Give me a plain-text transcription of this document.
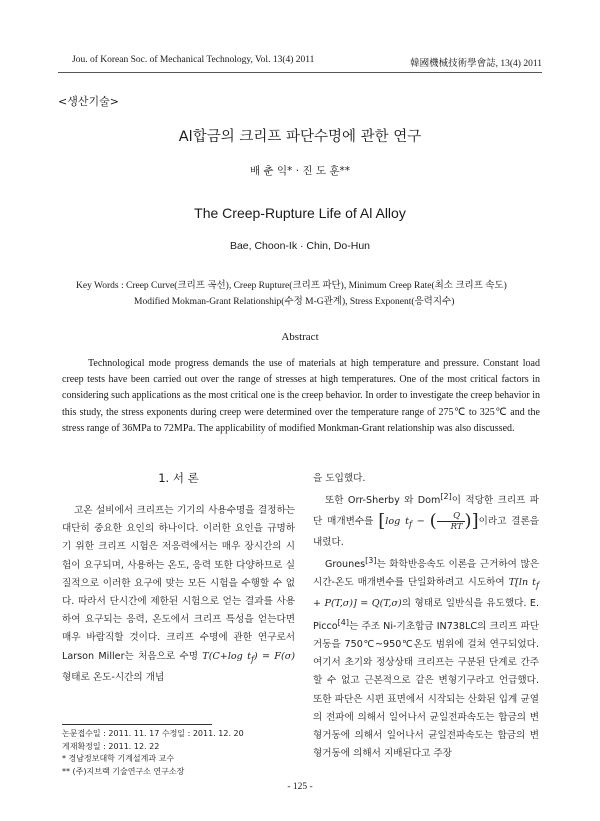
Jou. of Korean Soc. of Mechanical Technology, Vol. 13(4) 2011	韓國機械技術學會誌, 13(4) 2011
<생산기술>
Al합금의 크리프 파단수명에 관한 연구
배 춘 익* · 진 도 훈**
The Creep-Rupture Life of Al Alloy
Bae, Choon-Ik · Chin, Do-Hun
Key Words : Creep Curve(크리프 곡선), Creep Rupture(크리프 파단), Minimum Creep Rate(최소 크리프 속도)
Modified Mokman-Grant Relationship(수정 M-G관계), Stress Exponent(응력지수)
Abstract

Technological mode progress demands the use of materials at high temperature and pressure. Constant load creep tests have been carried out over the range of stresses at high temperatures. One of the most critical factors in considering such applications as the most critical one is the creep behavior. In order to investigate the creep behavior in this study, the stress exponents during creep were determined over the temperature range of 275℃ to 325℃ and the stress range of 36MPa to 72MPa. The applicability of modified Monkman-Grant relationship was also discussed.

1. 서 론

고온 설비에서 크리프는 기기의 사용수명을 결정하는 대단히 중요한 요인의 하나이다. 이러한 요인을 규명하기 위한 크리프 시험은 저응력에서는 매우 장시간의 시험이 요구되며, 사용하는 온도, 응력 또한 다양하므로 실질적으로 이러한 요구에 맞는 모든 시험을 수행할 수 없다. 따라서 단시간에 제한된 시험으로 얻는 결과를 사용하여 요구되는 응력, 온도에서 크리프 특성을 얻는다면 매우 바람직할 것이다. 크리프 수명에 관한 연구로서 Larson Miller는 처음으로 수명 T(C+log $t_f) = F(\sigma)$형태로 온도-시간의 개념

을 도입했다.

또한 Orr-Sherby 와 Dom[2]이 적당한 크리프 파단 매개변수를 [log $t_f$ − ( $\frac{Q}{RT}$ )]이라고 결론을 내렸다.

Grounes[3]는 화학반응속도 이론을 근거하여 많은 시간-온도 매개변수를 단일화하려고 시도하여 T[ln $t_f + P(T,\sigma)] = Q(T,\sigma)$의 형태로 일반식을 유도했다. E. Picco[4]는 주조 Ni-기초합금 IN738LC의 크리프 파단 거동을 750℃~950℃온도 범위에 걸쳐 연구되었다. 여기서 초기와 정상상태 크리프는 구분된 단계로 간주할 수 없고 근본적으로 같은 변형기구라고 언급했다. 또한 파단은 시편 표면에서 시작되는 산화된 입계 균열의 전파에 의해서 일어나서 균일전파속도는 합금의 변형거동에 의해서 일어나서 균일전파속도는 합금의 변형거동에 의해서 지배된다고 주장

논문접수일 : 2011. 11. 17 수정일 : 2011. 12. 20
게재확정일 : 2011. 12. 22
* 경남정보대학 기계설계과 교수
** (주)지브랙 기술연구소 연구소장
- 125 -
